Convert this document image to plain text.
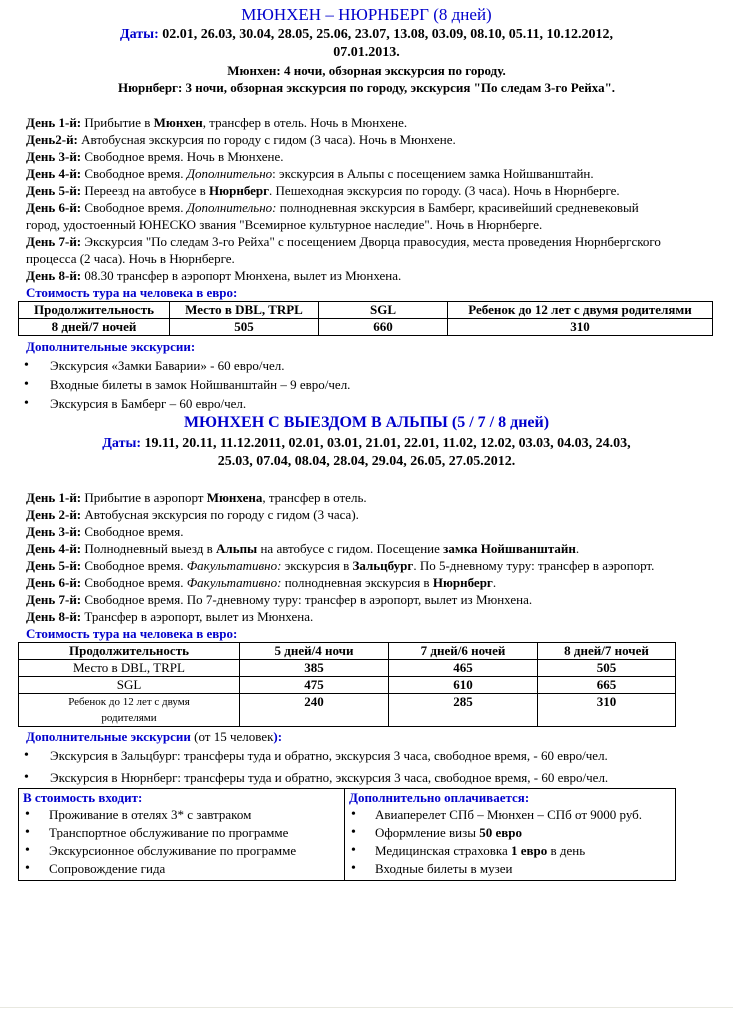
МЮНХЕН – НЮРНБЕРГ (8 дней)
Даты: 02.01, 26.03, 30.04, 28.05, 25.06, 23.07, 13.08, 03.09, 08.10, 05.11, 10.12.2012,
07.01.2013.
Мюнхен: 4 ночи, обзорная экскурсия по городу.
Нюрнберг: 3 ночи, обзорная экскурсия по городу, экскурсия "По следам 3-го Рейха".
День 1-й: Прибытие в Мюнхен, трансфер в отель. Ночь в Мюнхене.
День2-й: Автобусная экскурсия по городу с гидом (3 часа). Ночь в Мюнхене.
День 3-й: Свободное время. Ночь в Мюнхене.
День 4-й: Свободное время. Дополнительно: экскурсия в Альпы с посещением замка Нойшванштайн.
День 5-й: Переезд на автобусе в Нюрнберг. Пешеходная экскурсия по городу. (3 часа). Ночь в Нюрнберге.
День 6-й: Свободное время. Дополнительно: полнодневная экскурсия в Бамберг, красивейший средневековый город, удостоенный ЮНЕСКО звания "Всемирное культурное наследие". Ночь в Нюрнберге.
День 7-й: Экскурсия "По следам 3-го Рейха" с посещением Дворца правосудия, места проведения Нюрнбергского процесса (2 часа). Ночь в Нюрнберге.
День 8-й: 08.30 трансфер в аэропорт Мюнхена, вылет из Мюнхена.
Стоимость тура на человека в евро:
Продолжительность	Место в DBL, TRPL	SGL	Ребенок до 12 лет с двумя родителями
8 дней/7 ночей	505	660	310
Дополнительные экскурсии:
• Экскурсия «Замки Баварии» - 60 евро/чел.
• Входные билеты в замок Нойшванштайн – 9 евро/чел.
• Экскурсия в Бамберг – 60 евро/чел.
МЮНХЕН С ВЫЕЗДОМ В АЛЬПЫ (5 / 7 / 8 дней)
Даты: 19.11, 20.11, 11.12.2011, 02.01, 03.01, 21.01, 22.01, 11.02, 12.02, 03.03, 04.03, 24.03,
25.03, 07.04, 08.04, 28.04, 29.04, 26.05, 27.05.2012.
День 1-й: Прибытие в аэропорт Мюнхена, трансфер в отель.
День 2-й: Автобусная экскурсия по городу с гидом (3 часа).
День 3-й: Свободное время.
День 4-й: Полнодневный выезд в Альпы на автобусе с гидом. Посещение замка Нойшванштайн.
День 5-й: Свободное время. Факультативно: экскурсия в Зальцбург. По 5-дневному туру: трансфер в аэропорт.
День 6-й: Свободное время. Факультативно: полнодневная экскурсия в Нюрнберг.
День 7-й: Свободное время. По 7-дневному туру: трансфер в аэропорт, вылет из Мюнхена.
День 8-й: Трансфер в аэропорт, вылет из Мюнхена.
Стоимость тура на человека в евро:
Продолжительность	5 дней/4 ночи	7 дней/6 ночей	8 дней/7 ночей
Место в DBL, TRPL	385	465	505
SGL	475	610	665
Ребенок до 12 лет с двумя родителями	240	285	310
Дополнительные экскурсии (от 15 человек):
• Экскурсия в Зальцбург: трансферы туда и обратно, экскурсия 3 часа, свободное время, - 60 евро/чел.
• Экскурсия в Нюрнберг: трансферы туда и обратно, экскурсия 3 часа, свободное время, - 60 евро/чел.
В стоимость входит:
• Проживание в отелях 3* с завтраком
• Транспортное обслуживание по программе
• Экскурсионное обслуживание по программе
• Сопровождение гида

Дополнительно оплачивается:
• Авиаперелет СПб – Мюнхен – СПб от 9000 руб.
• Оформление визы 50 евро
• Медицинская страховка 1 евро в день
• Входные билеты в музеи
